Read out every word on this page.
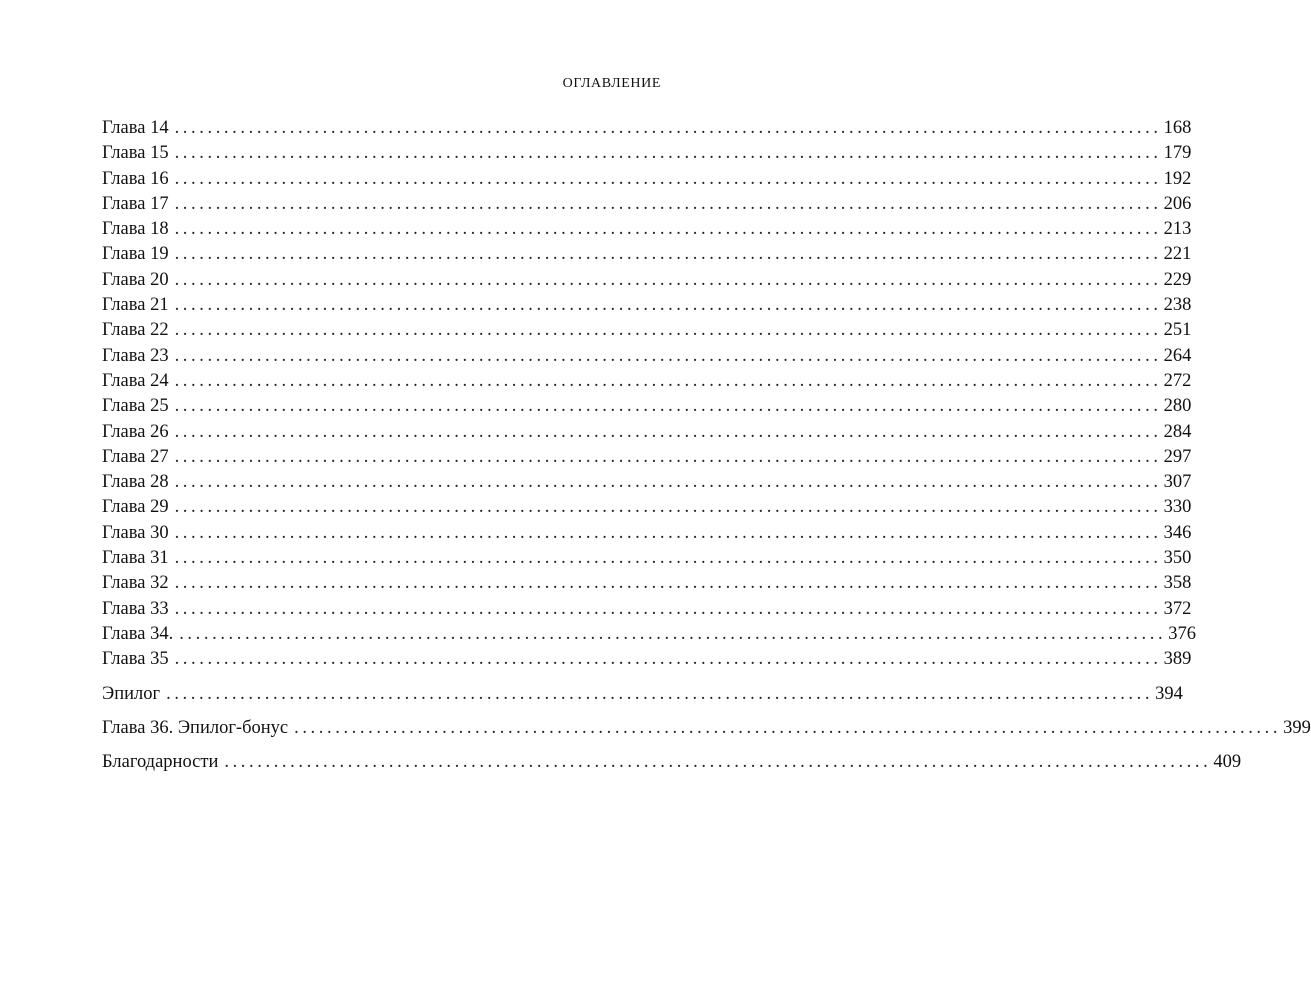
ОГЛАВЛЕНИЕ
Глава 14 ........................................................................................................................ 168
Глава 15 ........................................................................................................................ 179
Глава 16 ........................................................................................................................ 192
Глава 17 ........................................................................................................................ 206
Глава 18 ........................................................................................................................ 213
Глава 19 ........................................................................................................................ 221
Глава 20 ........................................................................................................................ 229
Глава 21 ........................................................................................................................ 238
Глава 22 ........................................................................................................................ 251
Глава 23 ........................................................................................................................ 264
Глава 24 ........................................................................................................................ 272
Глава 25 ........................................................................................................................ 280
Глава 26 ........................................................................................................................ 284
Глава 27 ........................................................................................................................ 297
Глава 28 ........................................................................................................................ 307
Глава 29 ........................................................................................................................ 330
Глава 30 ........................................................................................................................ 346
Глава 31 ........................................................................................................................ 350
Глава 32 ........................................................................................................................ 358
Глава 33 ........................................................................................................................ 372
Глава 34. ........................................................................................................................ 376
Глава 35 ........................................................................................................................ 389
Эпилог ........................................................................................................................ 394
Глава 36. Эпилог-бонус ........................................................................................................................ 399
Благодарности ........................................................................................................................ 409
